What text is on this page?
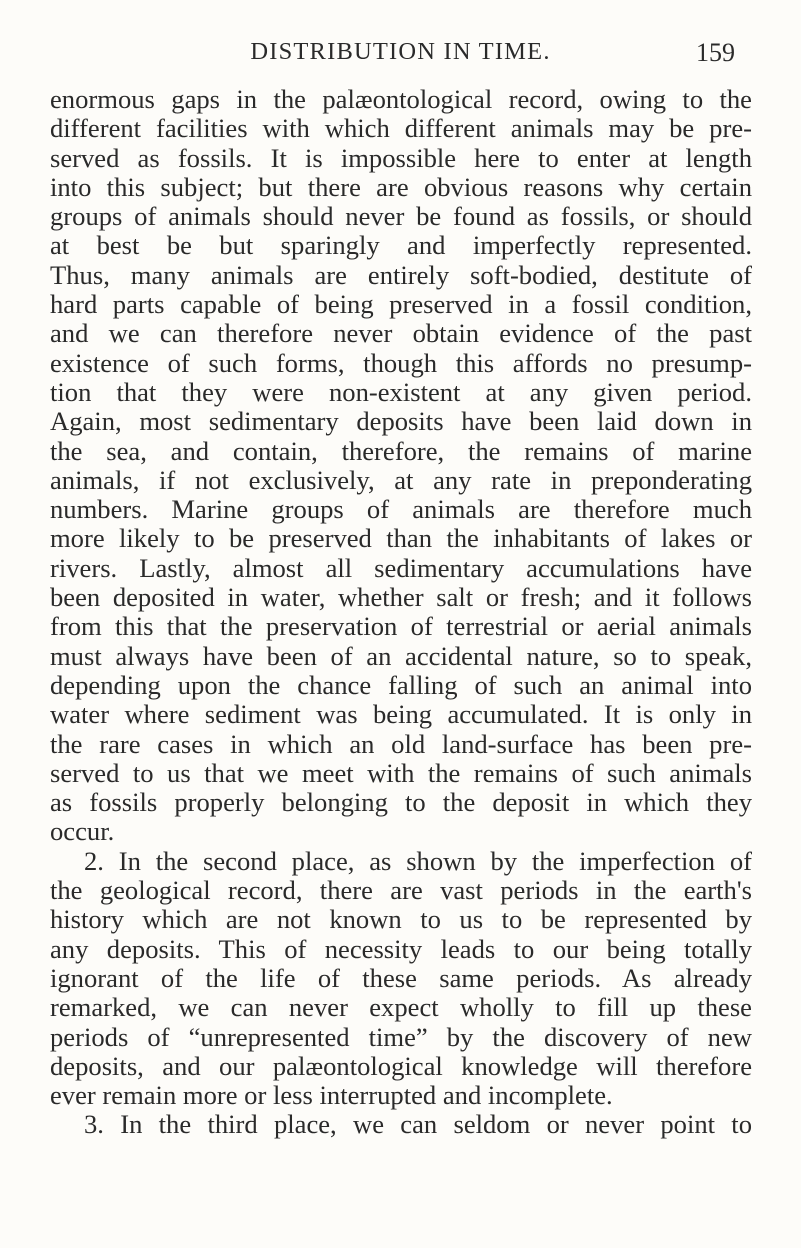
DISTRIBUTION IN TIME.	159
enormous gaps in the palæontological record, owing to the
different facilities with which different animals may be pre-
served as fossils. It is impossible here to enter at length
into this subject; but there are obvious reasons why certain
groups of animals should never be found as fossils, or should
at best be but sparingly and imperfectly represented.
Thus, many animals are entirely soft-bodied, destitute of
hard parts capable of being preserved in a fossil condition,
and we can therefore never obtain evidence of the past
existence of such forms, though this affords no presump-
tion that they were non-existent at any given period.
Again, most sedimentary deposits have been laid down in
the sea, and contain, therefore, the remains of marine
animals, if not exclusively, at any rate in preponderating
numbers. Marine groups of animals are therefore much
more likely to be preserved than the inhabitants of lakes or
rivers. Lastly, almost all sedimentary accumulations have
been deposited in water, whether salt or fresh; and it follows
from this that the preservation of terrestrial or aerial animals
must always have been of an accidental nature, so to speak,
depending upon the chance falling of such an animal into
water where sediment was being accumulated. It is only in
the rare cases in which an old land-surface has been pre-
served to us that we meet with the remains of such animals
as fossils properly belonging to the deposit in which they
occur.
2. In the second place, as shown by the imperfection of
the geological record, there are vast periods in the earth's
history which are not known to us to be represented by
any deposits. This of necessity leads to our being totally
ignorant of the life of these same periods. As already
remarked, we can never expect wholly to fill up these
periods of “unrepresented time” by the discovery of new
deposits, and our palæontological knowledge will therefore
ever remain more or less interrupted and incomplete.
3. In the third place, we can seldom or never point to
